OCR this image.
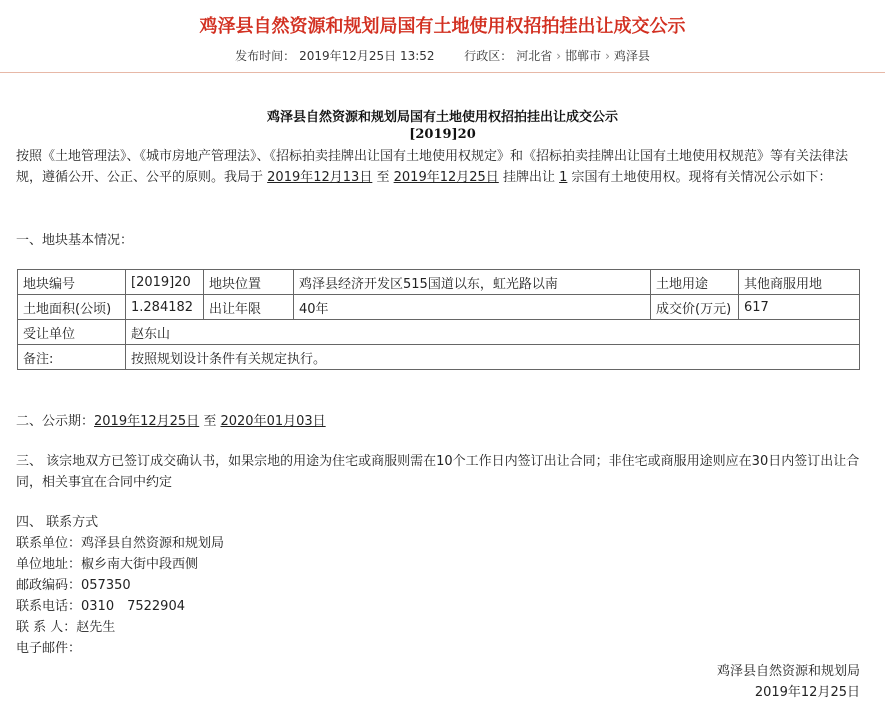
鸡泽县自然资源和规划局国有土地使用权招拍挂出让成交公示
发布时间： 2019年12月25日 13:52 行政区： 河北省 › 邯郸市 › 鸡泽县
鸡泽县自然资源和规划局国有土地使用权招拍挂出让成交公示
[2019]20
按照《土地管理法》、《城市房地产管理法》、《招标拍卖挂牌出让国有土地使用权规定》和《招标拍卖挂牌出让国有土地使用权规范》等有关法律法规，遵循公开、公正、公平的原则。我局于 2019年12月13日 至 2019年12月25日 挂牌出让 1 宗国有土地使用权。现将有关情况公示如下：
一、地块基本情况：
地块编号	[2019]20	地块位置	鸡泽县经济开发区515国道以东，虹光路以南	土地用途	其他商服用地
土地面积(公顷)	1.284182	出让年限	40年	成交价(万元)	617
受让单位	赵东山				
备注:	按照规划设计条件有关规定执行。				
二、公示期：2019年12月25日 至 2020年01月03日
三、 该宗地双方已签订成交确认书，如果宗地的用途为住宅或商服则需在10个工作日内签订出让合同；非住宅或商服用途则应在30日内签订出让合同，相关事宜在合同中约定
四、 联系方式
联系单位：鸡泽县自然资源和规划局
单位地址：椒乡南大街中段西侧
邮政编码：057350
联系电话：0310　7522904
联 系 人：赵先生
电子邮件：
鸡泽县自然资源和规划局
2019年12月25日
